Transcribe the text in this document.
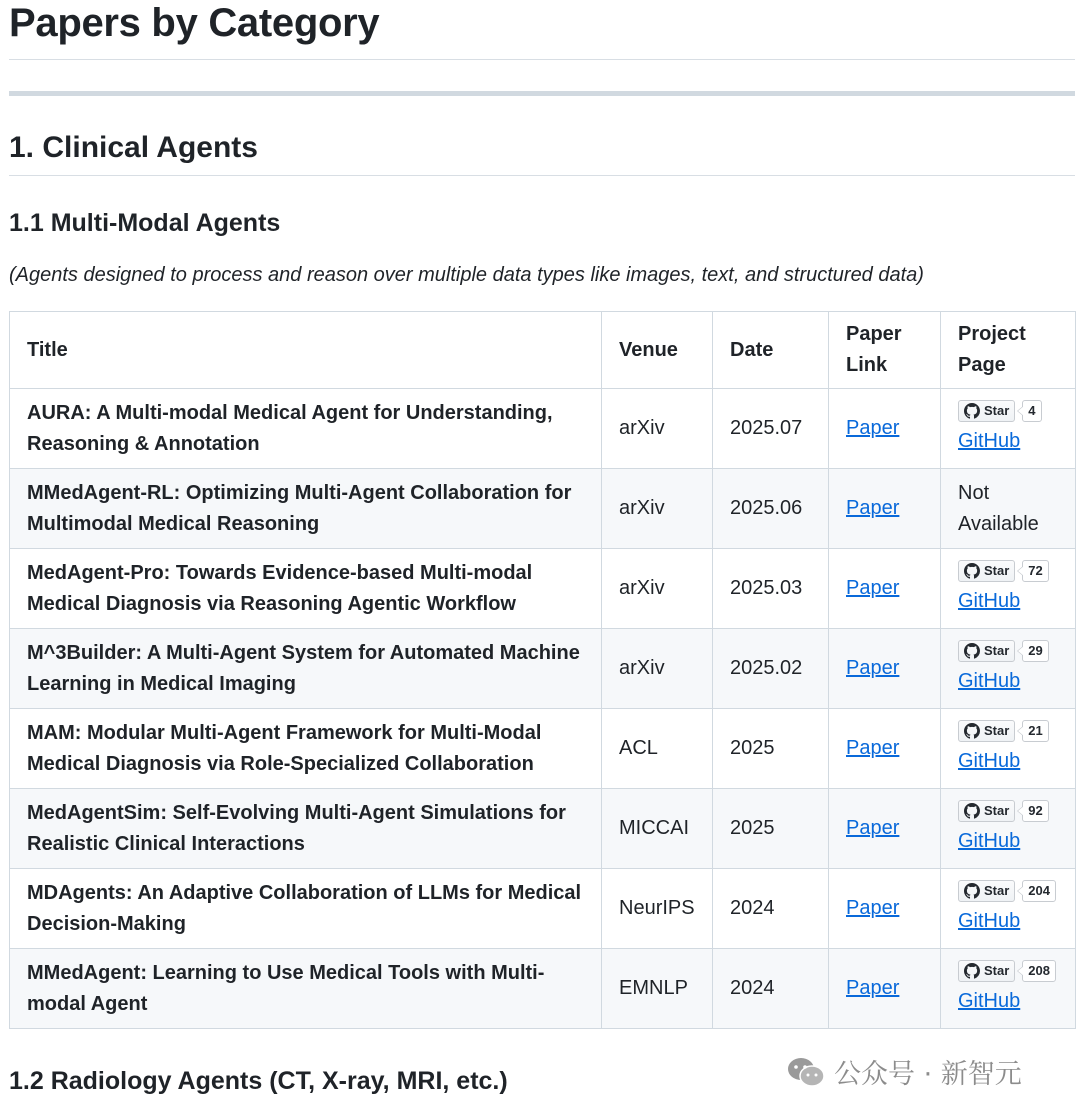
Papers by Category
1. Clinical Agents
1.1 Multi-Modal Agents

(Agents designed to process and reason over multiple data types like images, text, and structured data)

Title	Venue	Date	Paper Link	Project Page
AURA: A Multi-modal Medical Agent for Understanding, Reasoning & Annotation	arXiv	2025.07	Paper	Star 4
GitHub
MMedAgent-RL: Optimizing Multi-Agent Collaboration for Multimodal Medical Reasoning	arXiv	2025.06	Paper	Not Available
MedAgent-Pro: Towards Evidence-based Multi-modal Medical Diagnosis via Reasoning Agentic Workflow	arXiv	2025.03	Paper	Star 72
GitHub
M^3Builder: A Multi-Agent System for Automated Machine Learning in Medical Imaging	arXiv	2025.02	Paper	Star 29
GitHub
MAM: Modular Multi-Agent Framework for Multi-Modal Medical Diagnosis via Role-Specialized Collaboration	ACL	2025	Paper	Star 21
GitHub
MedAgentSim: Self-Evolving Multi-Agent Simulations for Realistic Clinical Interactions	MICCAI	2025	Paper	Star 92
GitHub
MDAgents: An Adaptive Collaboration of LLMs for Medical Decision-Making	NeurIPS	2024	Paper	Star 204
GitHub
MMedAgent: Learning to Use Medical Tools with Multi-modal Agent	EMNLP	2024	Paper	Star 208
GitHub
1.2 Radiology Agents (CT, X-ray, MRI, etc.)	公众号 · 新智元
